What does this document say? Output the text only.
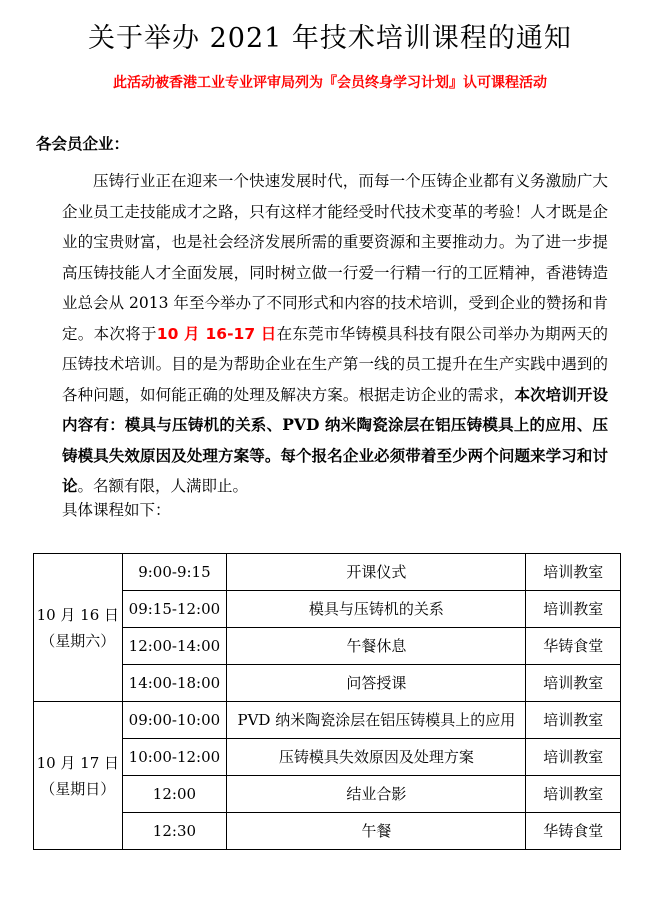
关于举办 2021 年技术培训课程的通知
此活动被香港工业专业评审局列为『会员终身学习计划』认可课程活动
各会员企业：

压铸行业正在迎来一个快速发展时代，而每一个压铸企业都有义务激励广大企业员工走技能成才之路，只有这样才能经受时代技术变革的考验！人才既是企业的宝贵财富，也是社会经济发展所需的重要资源和主要推动力。为了进一步提高压铸技能人才全面发展，同时树立做一行爱一行精一行的工匠精神，香港铸造业总会从 2013 年至今举办了不同形式和内容的技术培训，受到企业的赞扬和肯定。本次将于10 月 16-17 日在东莞市华铸模具科技有限公司举办为期两天的压铸技术培训。目的是为帮助企业在生产第一线的员工提升在生产实践中遇到的各种问题，如何能正确的处理及解决方案。根据走访企业的需求，本次培训开设内容有：模具与压铸机的关系、PVD 纳米陶瓷涂层在铝压铸模具上的应用、压铸模具失效原因及处理方案等。每个报名企业必须带着至少两个问题来学习和讨论。名额有限，人满即止。

具体课程如下：
10 月 16 日
（星期六）	9:00-9:15	开课仪式	培训教室
	09:15-12:00	模具与压铸机的关系	培训教室
	12:00-14:00	午餐休息	华铸食堂
	14:00-18:00	问答授课	培训教室

10 月 17 日
（星期日）	09:00-10:00	PVD 纳米陶瓷涂层在铝压铸模具上的应用	培训教室
	10:00-12:00	压铸模具失效原因及处理方案	培训教室
	12:00	结业合影	培训教室
	12:30	午餐	华铸食堂
